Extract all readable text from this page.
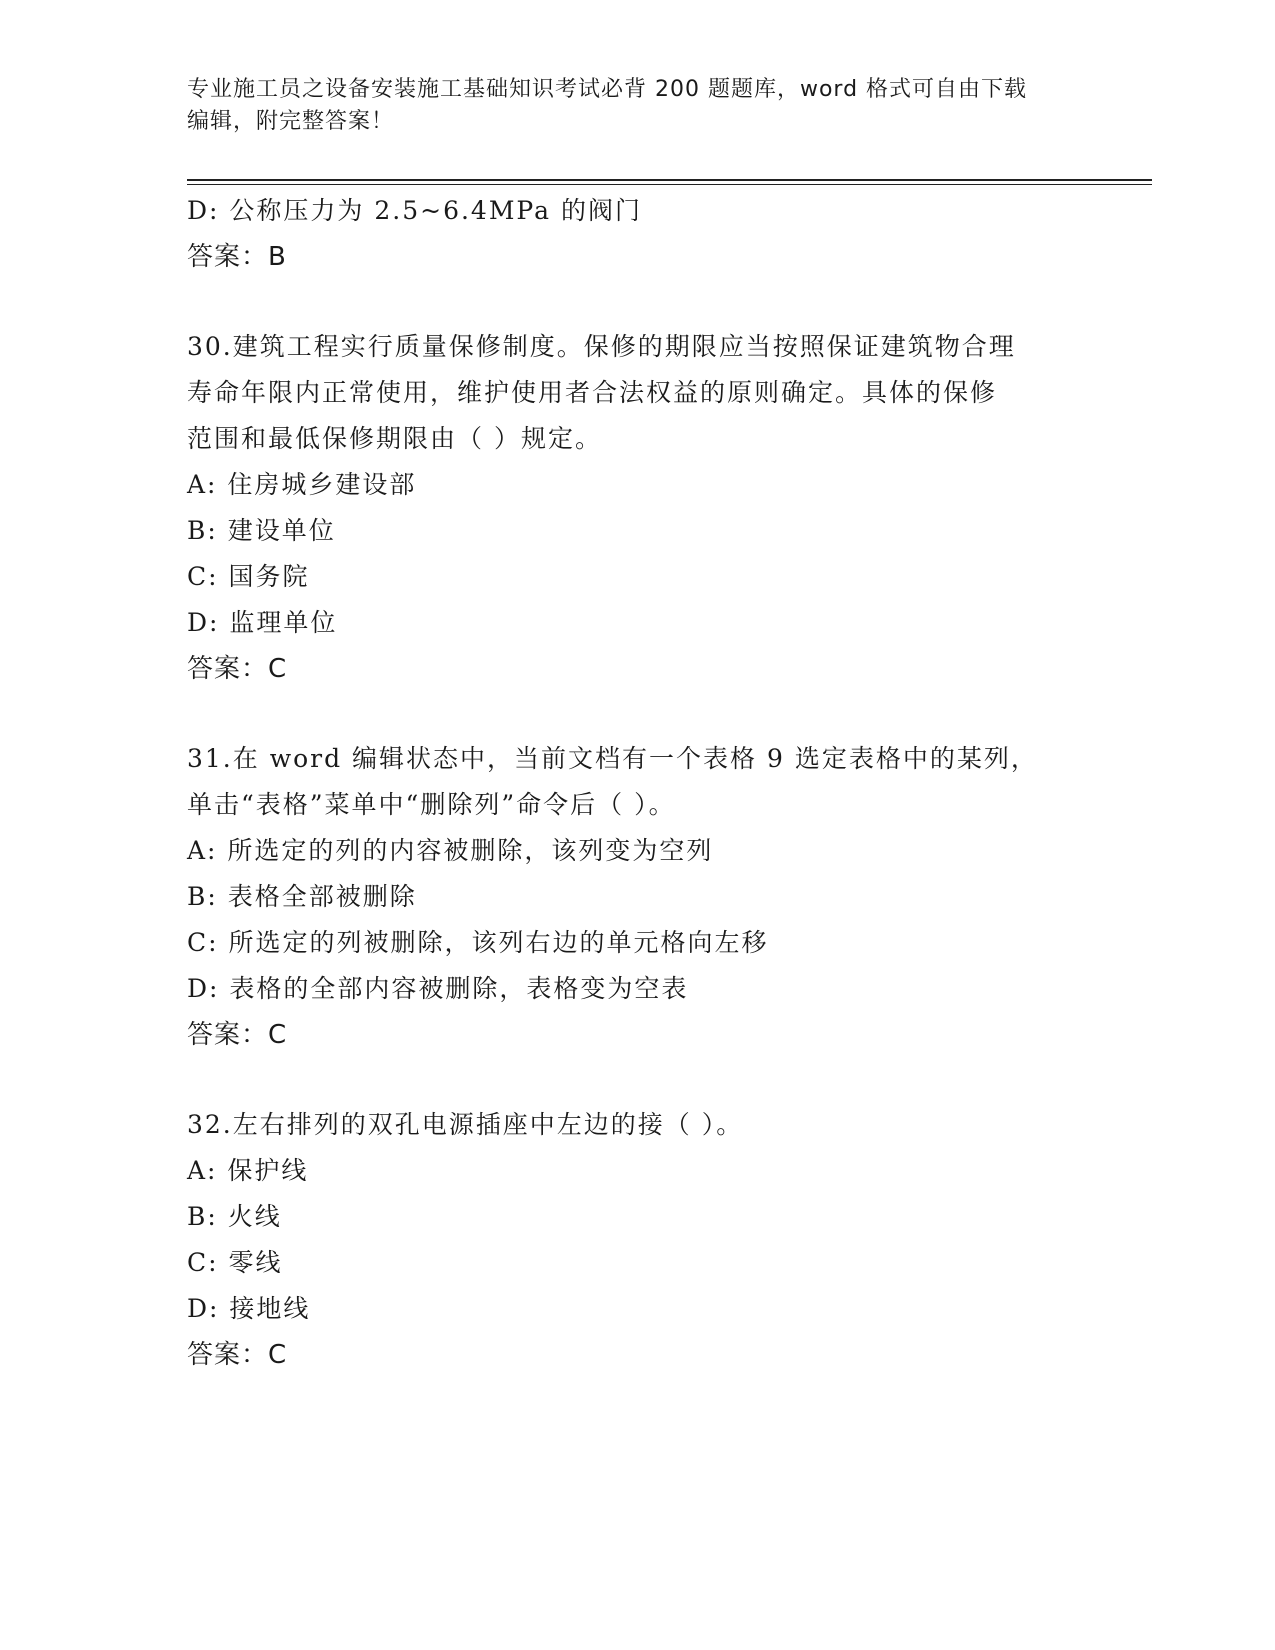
专业施工员之设备安装施工基础知识考试必背 200 题题库，word 格式可自由下载
编辑，附完整答案！
D: 公称压力为 2.5~6.4MPa 的阀门
答案：B
30.建筑工程实行质量保修制度。保修的期限应当按照保证建筑物合理
寿命年限内正常使用，维护使用者合法权益的原则确定。具体的保修
范围和最低保修期限由（ ）规定。
A: 住房城乡建设部
B: 建设单位
C: 国务院
D: 监理单位
答案：C
31.在 word 编辑状态中，当前文档有一个表格 9 选定表格中的某列，
单击“表格”菜单中“删除列”命令后（ ）。
A: 所选定的列的内容被删除，该列变为空列
B: 表格全部被删除
C: 所选定的列被删除，该列右边的单元格向左移
D: 表格的全部内容被删除，表格变为空表
答案：C
32.左右排列的双孔电源插座中左边的接（ ）。
A: 保护线
B: 火线
C: 零线
D: 接地线
答案：C
